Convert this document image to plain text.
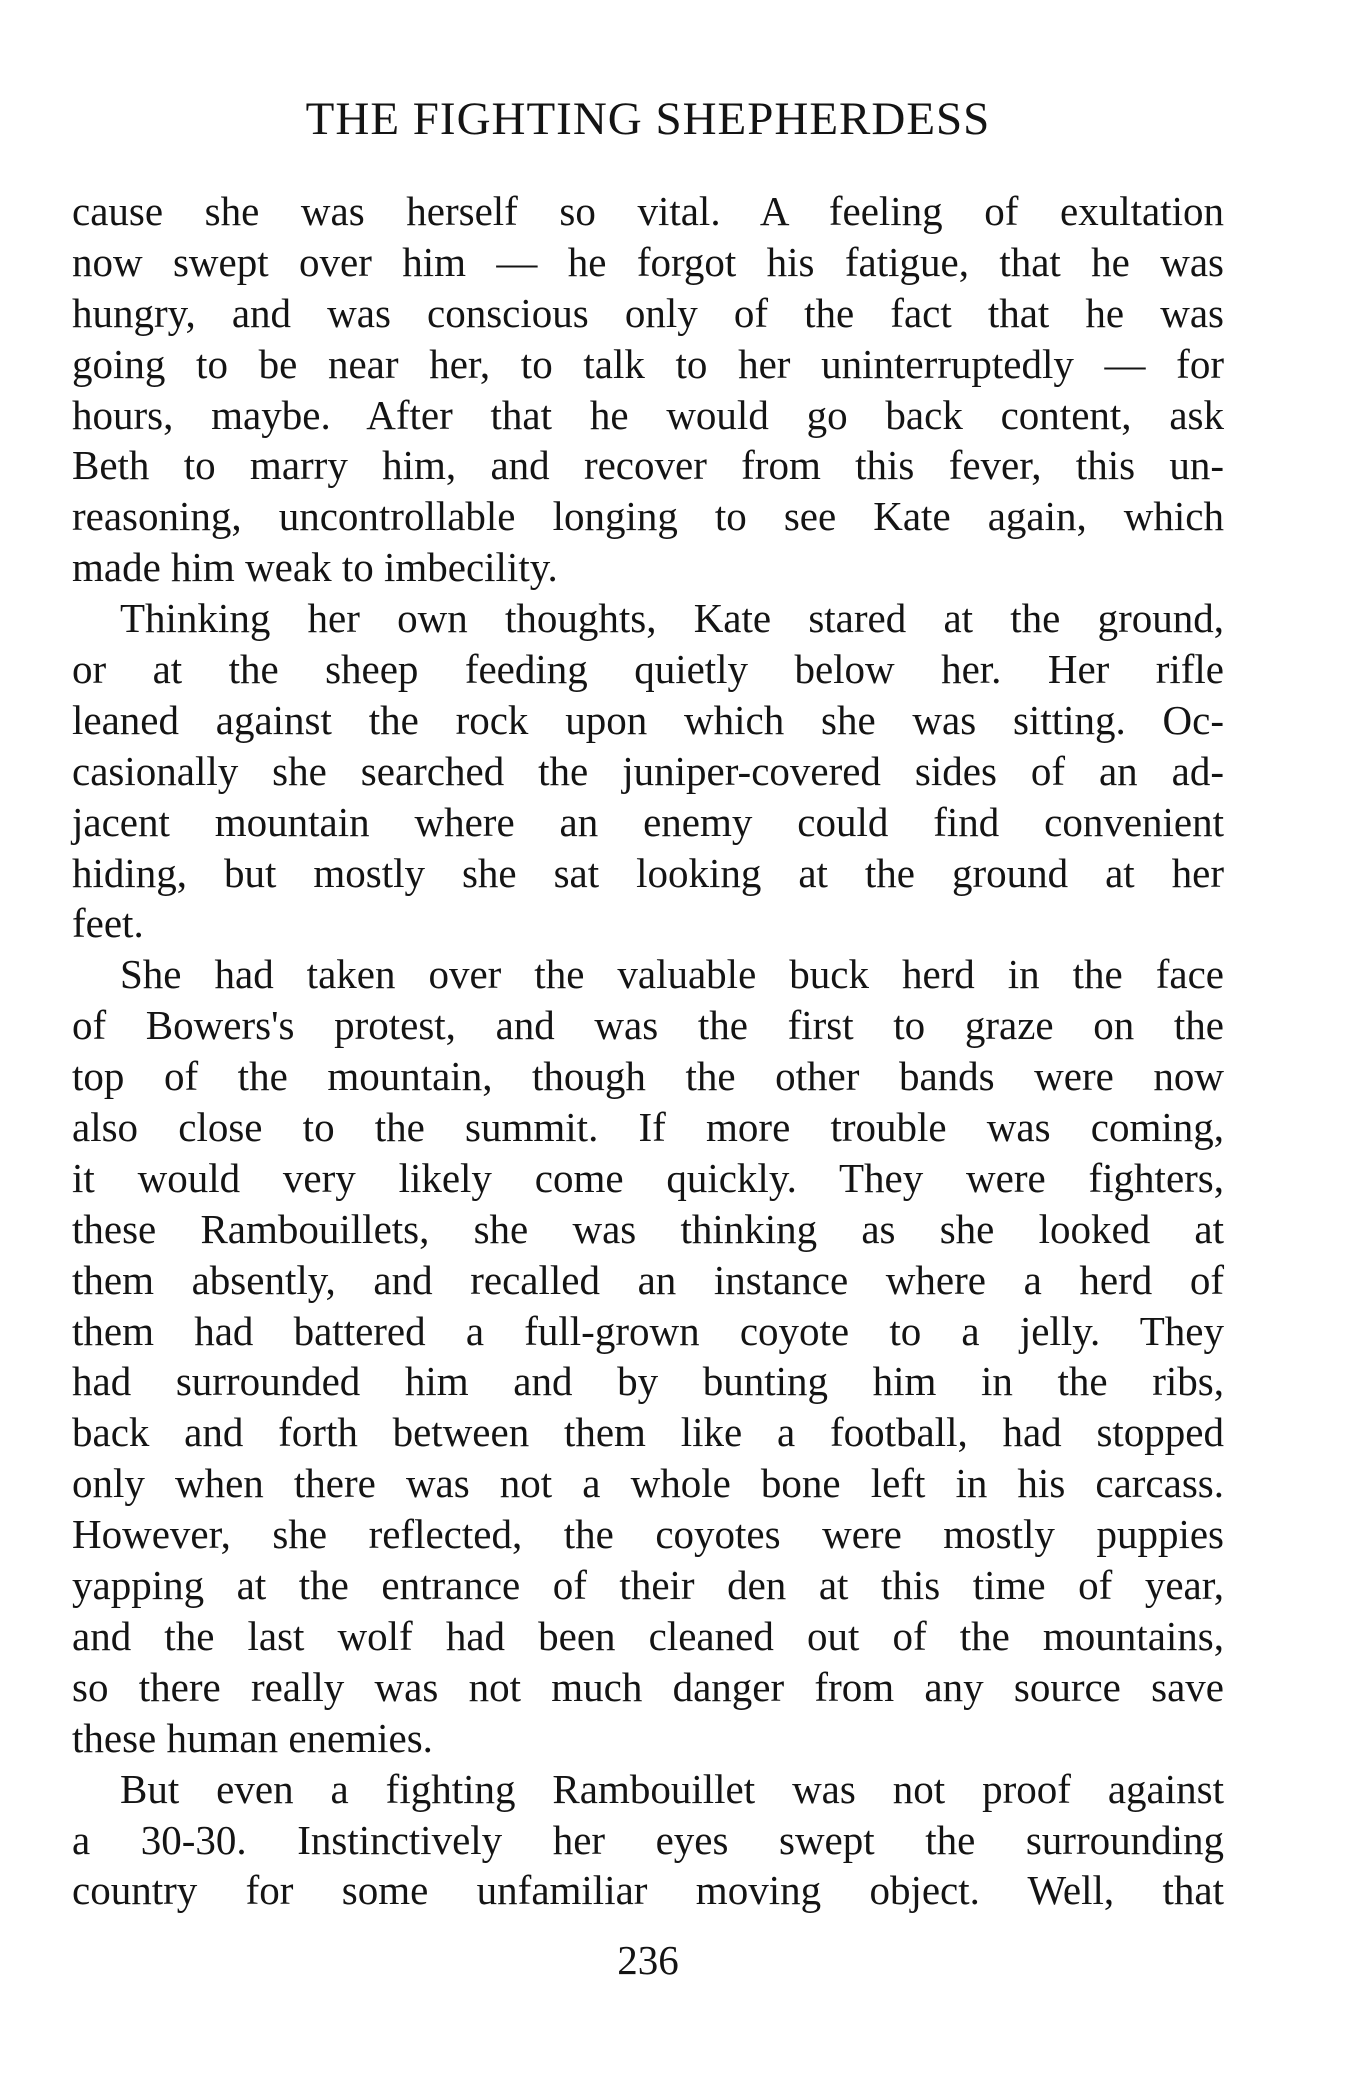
THE FIGHTING SHEPHERDESS
cause she was herself so vital. A feeling of exultation
now swept over him — he forgot his fatigue, that he was
hungry, and was conscious only of the fact that he was
going to be near her, to talk to her uninterruptedly — for
hours, maybe. After that he would go back content, ask
Beth to marry him, and recover from this fever, this un-
reasoning, uncontrollable longing to see Kate again, which
made him weak to imbecility.
Thinking her own thoughts, Kate stared at the ground,
or at the sheep feeding quietly below her. Her rifle
leaned against the rock upon which she was sitting. Oc-
casionally she searched the juniper-covered sides of an ad-
jacent mountain where an enemy could find convenient
hiding, but mostly she sat looking at the ground at her
feet.
She had taken over the valuable buck herd in the face
of Bowers's protest, and was the first to graze on the
top of the mountain, though the other bands were now
also close to the summit. If more trouble was coming,
it would very likely come quickly. They were fighters,
these Rambouillets, she was thinking as she looked at
them absently, and recalled an instance where a herd of
them had battered a full-grown coyote to a jelly. They
had surrounded him and by bunting him in the ribs,
back and forth between them like a football, had stopped
only when there was not a whole bone left in his carcass.
However, she reflected, the coyotes were mostly puppies
yapping at the entrance of their den at this time of year,
and the last wolf had been cleaned out of the mountains,
so there really was not much danger from any source save
these human enemies.
But even a fighting Rambouillet was not proof against
a 30-30. Instinctively her eyes swept the surrounding
country for some unfamiliar moving object. Well, that
236
